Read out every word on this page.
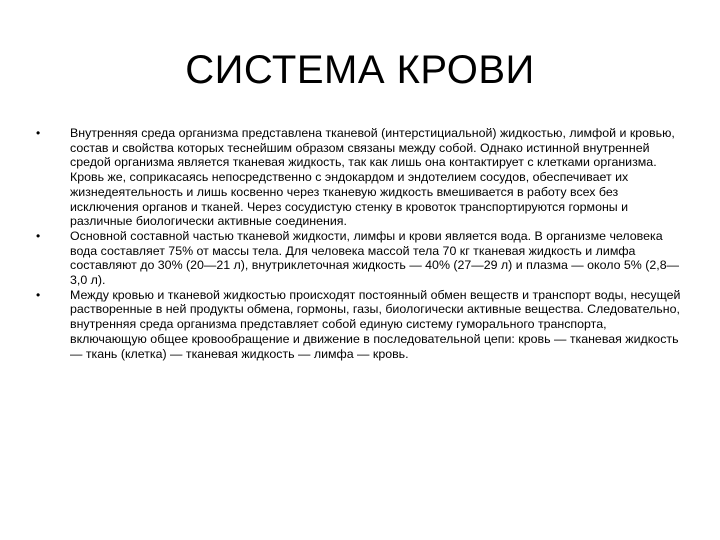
СИСТЕМА КРОВИ
•	Внутренняя среда организма представлена тканевой (интерстициальной) жидкостью, лимфой и кровью, состав и свойства которых теснейшим образом связаны между собой. Однако истинной внутренней средой организма является тканевая жидкость, так как лишь она контактирует с клетками организма. Кровь же, соприкасаясь непосредственно с эндокардом и эндотелием сосудов, обеспечивает их жизнедеятельность и лишь косвенно через тканевую жидкость вмешивается в работу всех без исключения органов и тканей. Через сосудистую стенку в кровоток транспортируются гормоны и различные биологически активные соединения.
•	Основной составной частью тканевой жидкости, лимфы и крови является вода. В организме человека вода составляет 75% от массы тела. Для человека массой тела 70 кг тканевая жидкость и лимфа составляют до 30% (20—21 л), внутриклеточная жидкость — 40% (27—29 л) и плазма — около 5% (2,8—3,0 л).
•	Между кровью и тканевой жидкостью происходят постоянный обмен веществ и транспорт воды, несущей растворенные в ней продукты обмена, гормоны, газы, биологически активные вещества. Следовательно, внутренняя среда организма представляет собой единую систему гуморального транспорта, включающую общее кровообращение и движение в последовательной цепи: кровь — тканевая жидкость — ткань (клетка) — тканевая жидкость — лимфа — кровь.
